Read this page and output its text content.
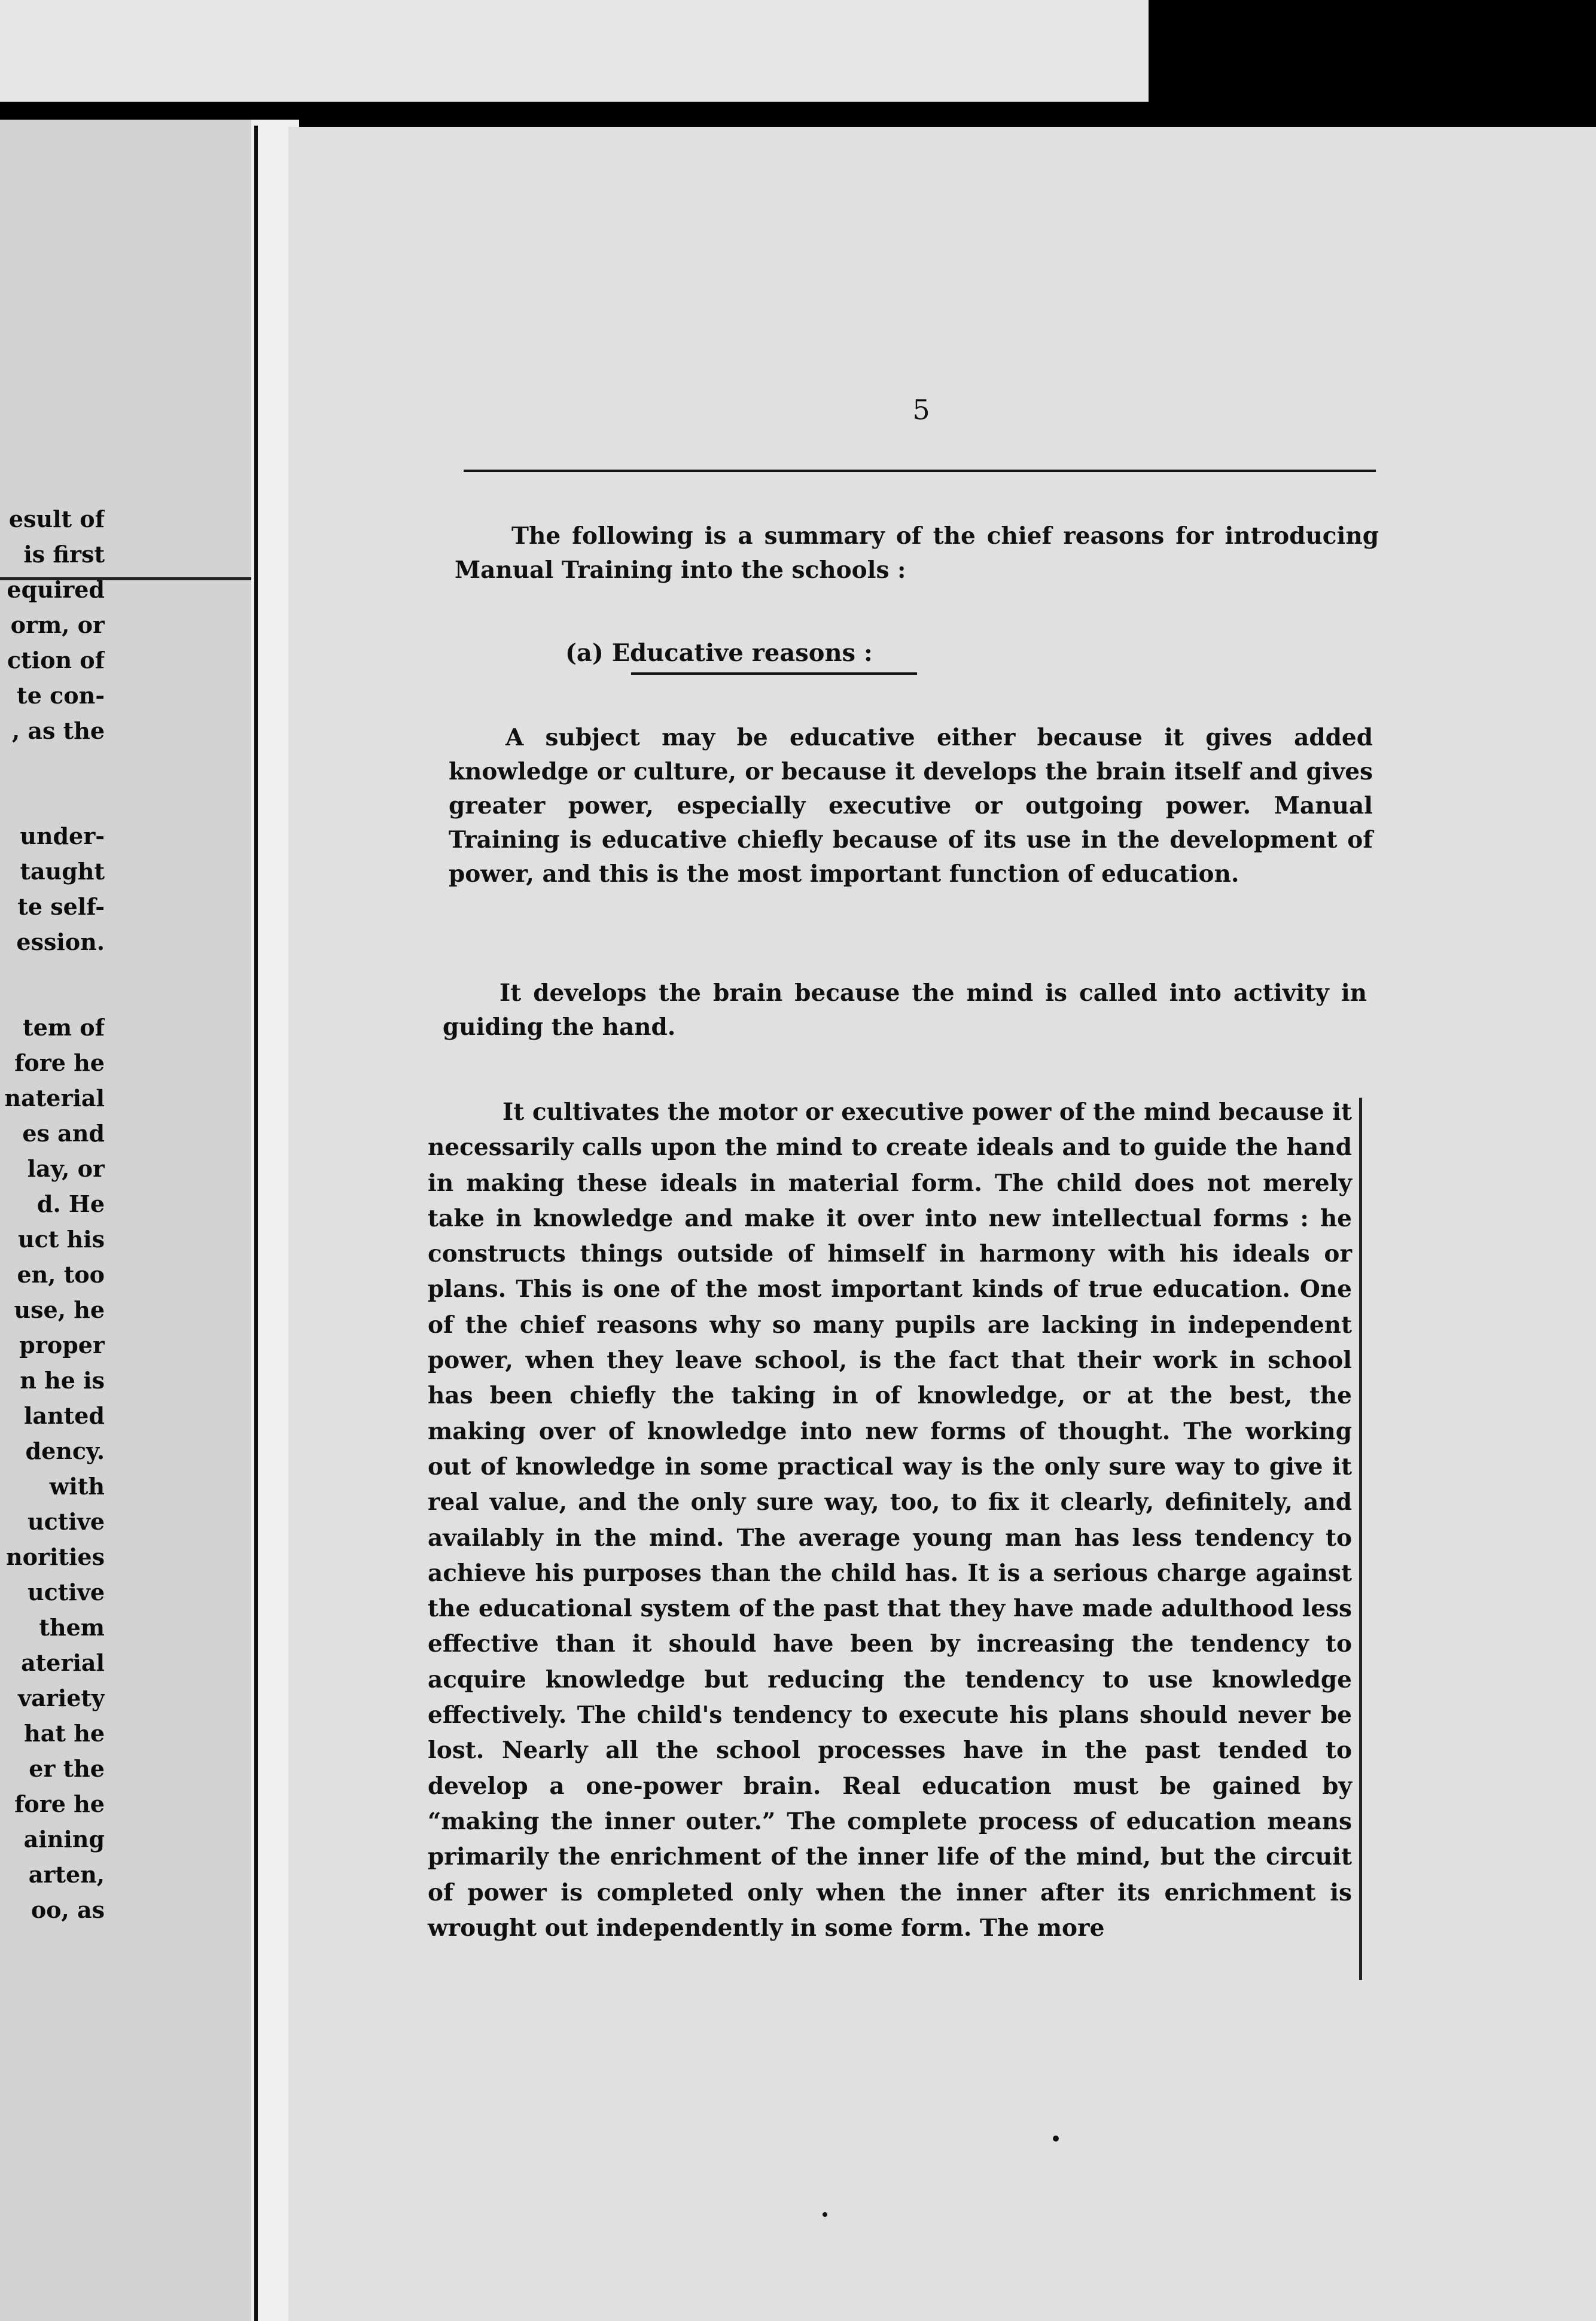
esult of
is first
equired
orm, or
ction of
te con-
, as the
under-
taught
te self-
ession.
tem of
fore he
naterial
es and
lay, or
d. He
uct his
en, too
use, he
proper
n he is
lanted
dency.
with
uctive
norities
uctive
them
aterial
variety
hat he
er the
fore he
aining
arten,
oo, as
5

The following is a summary of the chief reasons for introducing Manual Training into the schools :

(a) Educative reasons :

A subject may be educative either because it gives added knowledge or culture, or because it develops the brain itself and gives greater power, especially executive or outgoing power. Manual Training is educative chiefly because of its use in the development of power, and this is the most important function of education.

It develops the brain because the mind is called into activity in guiding the hand.

It cultivates the motor or executive power of the mind because it necessarily calls upon the mind to create ideals and to guide the hand in making these ideals in material form. The child does not merely take in knowledge and make it over into new intellectual forms : he constructs things outside of himself in harmony with his ideals or plans. This is one of the most important kinds of true education. One of the chief reasons why so many pupils are lacking in independent power, when they leave school, is the fact that their work in school has been chiefly the taking in of knowledge, or at the best, the making over of knowledge into new forms of thought. The working out of knowledge in some practical way is the only sure way to give it real value, and the only sure way, too, to fix it clearly, definitely, and availably in the mind. The average young man has less tendency to achieve his purposes than the child has. It is a serious charge against the educational system of the past that they have made adulthood less effective than it should have been by increasing the tendency to acquire knowledge but reducing the tendency to use knowledge effectively. The child's tendency to execute his plans should never be lost. Nearly all the school processes have in the past tended to develop a one-power brain. Real education must be gained by “making the inner outer.” The complete process of education means primarily the enrichment of the inner life of the mind, but the circuit of power is completed only when the inner after its enrichment is wrought out independently in some form. The more
